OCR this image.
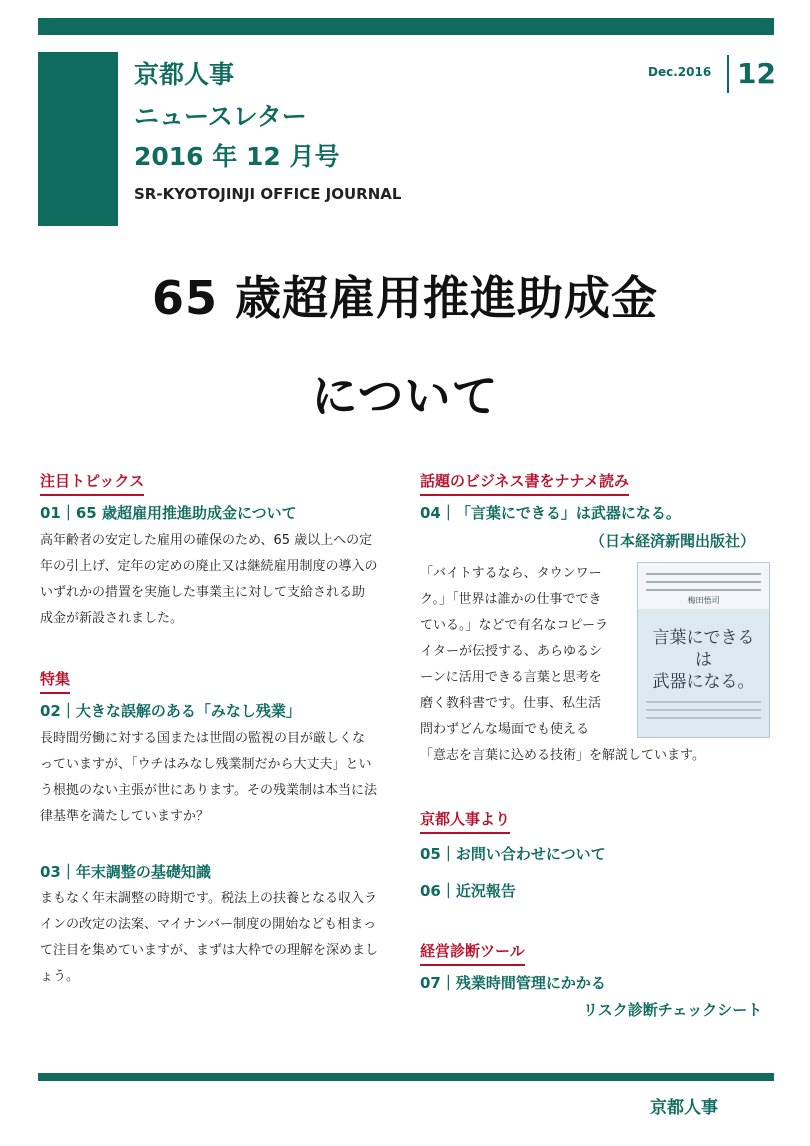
京都人事
ニュースレター
2016 年 12 月号
SR-KYOTOJINJI OFFICE JOURNAL
Dec.2016 12
65 歳超雇用推進助成金
について
注目トピックス
01｜65 歳超雇用推進助成金について
高年齢者の安定した雇用の確保のため、65 歳以上への定
年の引上げ、定年の定めの廃止又は継続雇用制度の導入の
いずれかの措置を実施した事業主に対して支給される助
成金が新設されました。
特集
02｜大きな誤解のある「みなし残業」
長時間労働に対する国または世間の監視の目が厳しくな
っていますが、「ウチはみなし残業制だから大丈夫」とい
う根拠のない主張が世にあります。その残業制は本当に法
律基準を満たしていますか？
03｜年末調整の基礎知識
まもなく年末調整の時期です。税法上の扶養となる収入ラ
インの改定の法案、マイナンバー制度の開始なども相まっ
て注目を集めていますが、まずは大枠での理解を深めまし
ょう。
話題のビジネス書をナナメ読み
04｜「言葉にできる」は武器になる。
（日本経済新聞出版社）
「バイトするなら、タウンワー
ク。」「世界は誰かの仕事ででき
ている。」などで有名なコピーラ
イターが伝授する、あらゆるシ
ーンに活用できる言葉と思考を
磨く教科書です。仕事、私生活
問わずどんな場面でも使える
「意志を言葉に込める技術」を解説しています。
梅田悟司
言葉にできる
は
武器になる。
京都人事より
05｜お問い合わせについて
06｜近況報告
経営診断ツール
07｜残業時間管理にかかる
リスク診断チェックシート
京都人事
